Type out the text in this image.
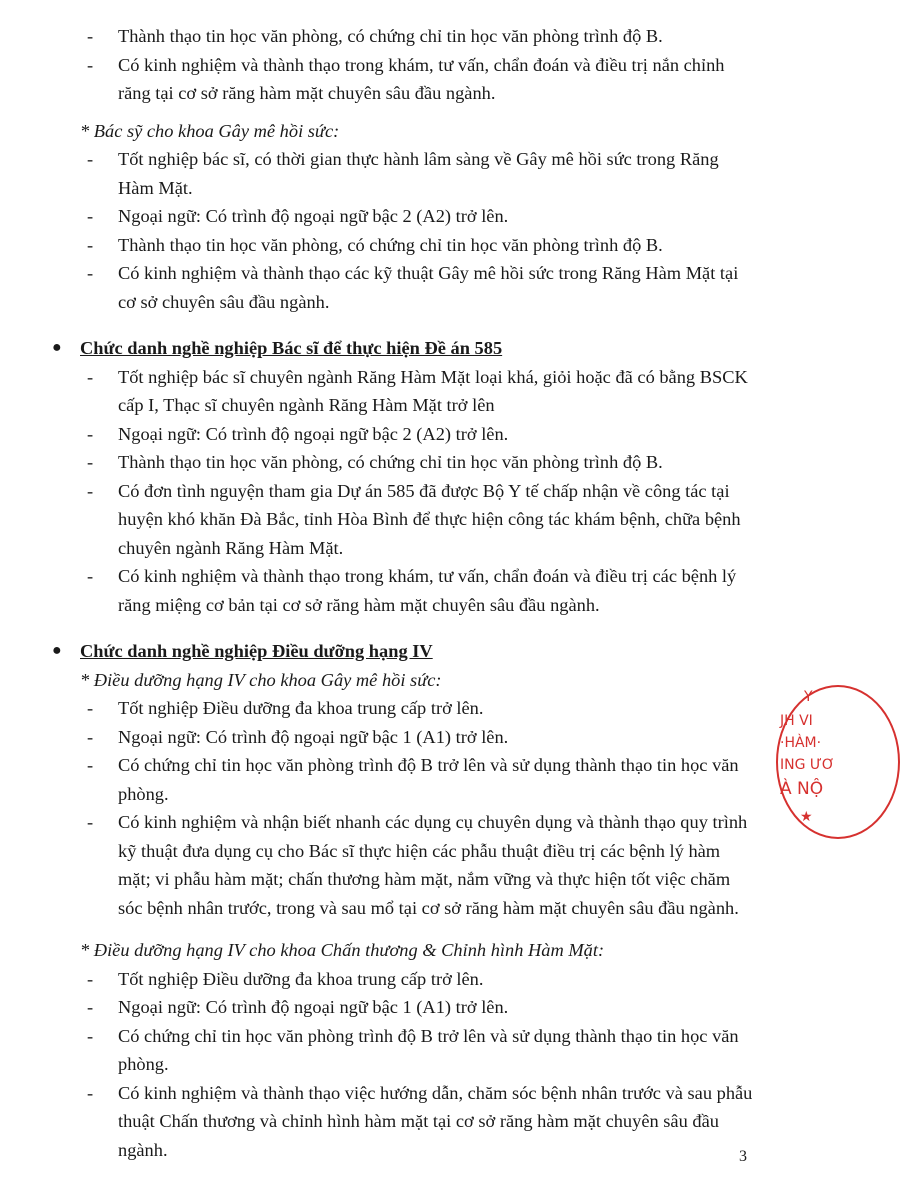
- Thành thạo tin học văn phòng, có chứng chỉ tin học văn phòng trình độ B.

- Có kinh nghiệm và thành thạo trong khám, tư vấn, chẩn đoán và điều trị nắn chỉnh răng tại cơ sở răng hàm mặt chuyên sâu đầu ngành.

* Bác sỹ cho khoa Gây mê hồi sức:

- Tốt nghiệp bác sĩ, có thời gian thực hành lâm sàng về Gây mê hồi sức trong Răng Hàm Mặt.

- Ngoại ngữ: Có trình độ ngoại ngữ bậc 2 (A2) trở lên.

- Thành thạo tin học văn phòng, có chứng chỉ tin học văn phòng trình độ B.

- Có kinh nghiệm và thành thạo các kỹ thuật Gây mê hồi sức trong Răng Hàm Mặt tại cơ sở chuyên sâu đầu ngành.

● Chức danh nghề nghiệp Bác sĩ để thực hiện Đề án 585

- Tốt nghiệp bác sĩ chuyên ngành Răng Hàm Mặt loại khá, giỏi hoặc đã có bằng BSCK cấp I, Thạc sĩ chuyên ngành Răng Hàm Mặt trở lên

- Ngoại ngữ: Có trình độ ngoại ngữ bậc 2 (A2) trở lên.

- Thành thạo tin học văn phòng, có chứng chỉ tin học văn phòng trình độ B.

- Có đơn tình nguyện tham gia Dự án 585 đã được Bộ Y tế chấp nhận về công tác tại huyện khó khăn Đà Bắc, tỉnh Hòa Bình để thực hiện công tác khám bệnh, chữa bệnh chuyên ngành Răng Hàm Mặt.

- Có kinh nghiệm và thành thạo trong khám, tư vấn, chẩn đoán và điều trị các bệnh lý răng miệng cơ bản tại cơ sở răng hàm mặt chuyên sâu đầu ngành.

● Chức danh nghề nghiệp Điều dưỡng hạng IV

* Điều dưỡng hạng IV cho khoa Gây mê hồi sức:

- Tốt nghiệp Điều dưỡng đa khoa trung cấp trở lên.

- Ngoại ngữ: Có trình độ ngoại ngữ bậc 1 (A1) trở lên.

- Có chứng chỉ tin học văn phòng trình độ B trở lên và sử dụng thành thạo tin học văn phòng.

- Có kinh nghiệm và nhận biết nhanh các dụng cụ chuyên dụng và thành thạo quy trình kỹ thuật đưa dụng cụ cho Bác sĩ thực hiện các phẫu thuật điều trị các bệnh lý hàm mặt; vi phẫu hàm mặt; chấn thương hàm mặt, nắm vững và thực hiện tốt việc chăm sóc bệnh nhân trước, trong và sau mổ tại cơ sở răng hàm mặt chuyên sâu đầu ngành.

* Điều dưỡng hạng IV cho khoa Chấn thương & Chỉnh hình Hàm Mặt:

- Tốt nghiệp Điều dưỡng đa khoa trung cấp trở lên.

- Ngoại ngữ: Có trình độ ngoại ngữ bậc 1 (A1) trở lên.

- Có chứng chỉ tin học văn phòng trình độ B trở lên và sử dụng thành thạo tin học văn phòng.

- Có kinh nghiệm và thành thạo việc hướng dẫn, chăm sóc bệnh nhân trước và sau phẫu thuật Chấn thương và chỉnh hình hàm mặt tại cơ sở răng hàm mặt chuyên sâu đầu ngành.	3
Y
JH VI
·HÀM·
ING ƯƠ
À NỘ
★
